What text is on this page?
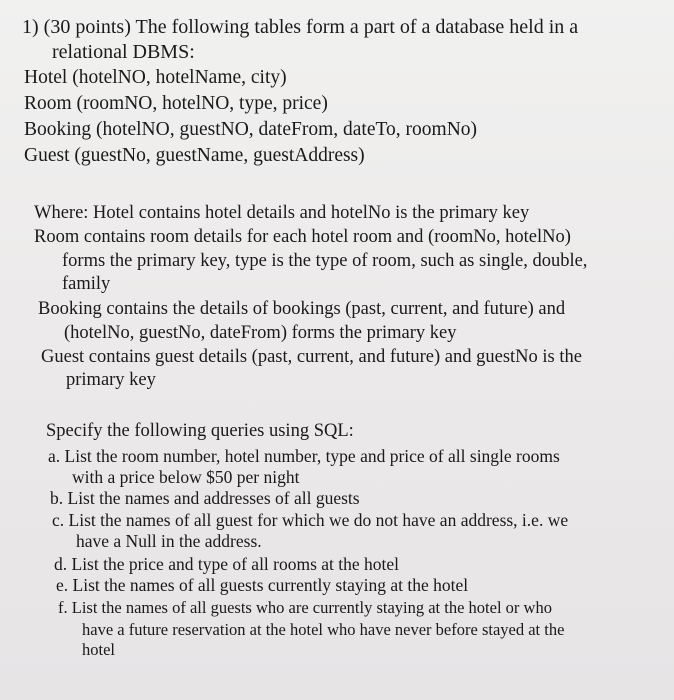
1) (30 points) The following tables form a part of a database held in a
relational DBMS:
Hotel (hotelNO, hotelName, city)
Room (roomNO, hotelNO, type, price)
Booking (hotelNO, guestNO, dateFrom, dateTo, roomNo)
Guest (guestNo, guestName, guestAddress)
Where: Hotel contains hotel details and hotelNo is the primary key
Room contains room details for each hotel room and (roomNo, hotelNo)
forms the primary key, type is the type of room, such as single, double,
family
Booking contains the details of bookings (past, current, and future) and
(hotelNo, guestNo, dateFrom) forms the primary key
Guest contains guest details (past, current, and future) and guestNo is the
primary key
Specify the following queries using SQL:
a. List the room number, hotel number, type and price of all single rooms
with a price below $50 per night
b. List the names and addresses of all guests
c. List the names of all guest for which we do not have an address, i.e. we
have a Null in the address.
d. List the price and type of all rooms at the hotel
e. List the names of all guests currently staying at the hotel
f. List the names of all guests who are currently staying at the hotel or who
have a future reservation at the hotel who have never before stayed at the
hotel
